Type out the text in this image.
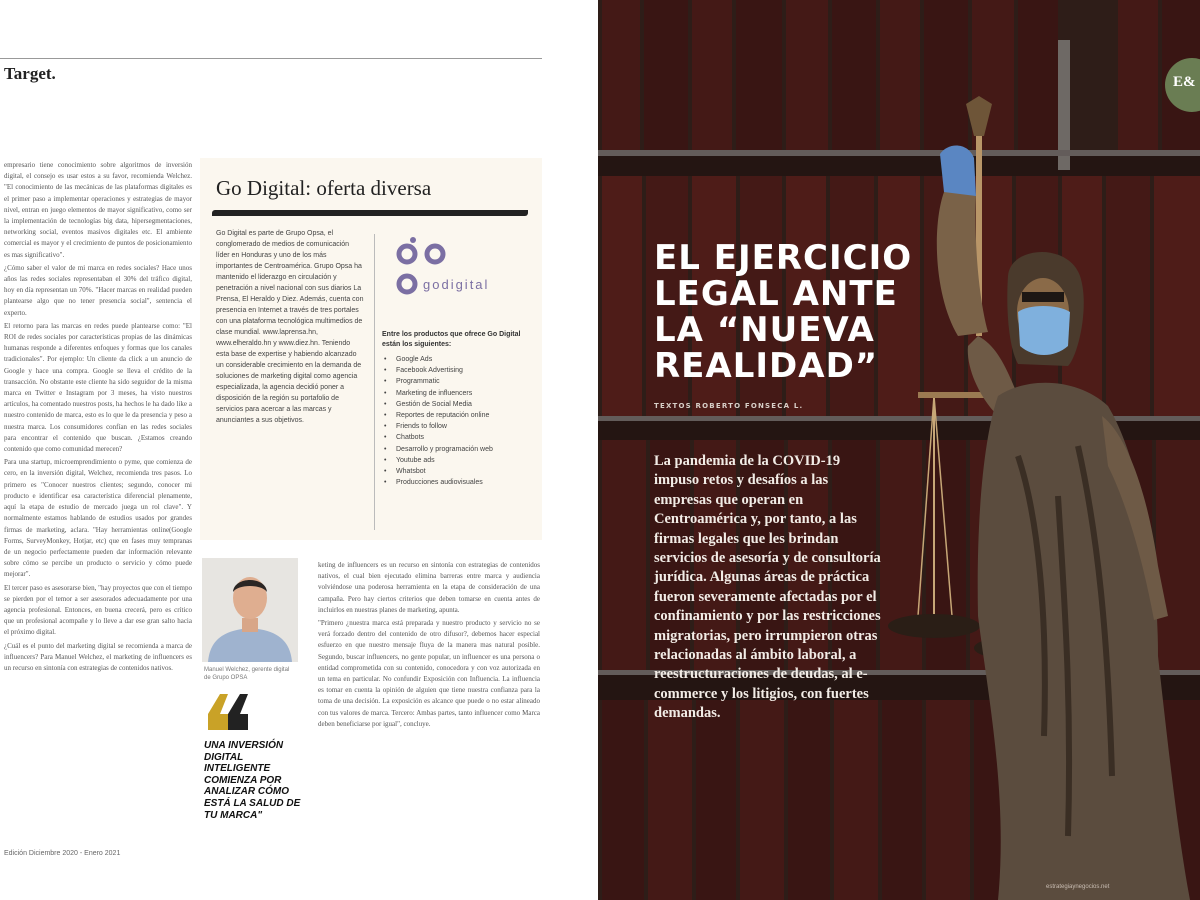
Target.

empresario tiene conocimiento sobre algoritmos de inversión digital, el consejo es usar estos a su favor, recomienda Welchez. "El conocimiento de las mecánicas de las plataformas digitales es el primer paso a implementar operaciones y estrategias de mayor nivel, entran en juego elementos de mayor significativo, como ser la implementación de tecnologías big data, hipersegmentaciones, networking social, eventos masivos digitales etc. El ambiente comercial es mayor y el crecimiento de puntos de posicionamiento es mas significativo".

¿Cómo saber el valor de mi marca en redes sociales? Hace unos años las redes sociales representaban el 30% del tráfico digital, hoy en día representan un 70%. "Hacer marcas en realidad pueden plantearse algo que no tener presencia social", sentencia el experto.

El retorno para las marcas en redes puede plantearse como: "El ROI de redes sociales por características propias de las dinámicas humanas responde a diferentes enfoques y formas que los canales tradicionales". Por ejemplo: Un cliente da click a un anuncio de Google y hace una compra. Google se lleva el crédito de la transacción. No obstante este cliente ha sido seguidor de la misma marca en Twitter e Instagram por 3 meses, ha visto nuestros artículos, ha comentado nuestros posts, ha hechos le ha dado like a nuestro contenido de marca, esto es lo que le da presencia y peso a nuestra marca. Los consumidores confían en las redes sociales para encontrar el contenido que buscan. ¿Estamos creando contenido que como comunidad merecen?

Para una startup, microemprendimiento o pyme, que comienza de cero, en la inversión digital, Welchez, recomienda tres pasos. Lo primero es "Conocer nuestros clientes; segundo, conocer mi producto e identificar esa característica diferencial plenamente, aquí la etapa de estudio de mercado juega un rol clave". Y normalmente estamos hablando de estudios usados por grandes firmas de marketing, aclara. "Hay herramientas online(Google Forms, SurveyMonkey, Hotjar, etc) que en fases muy tempranas de un negocio perfectamente pueden dar información relevante sobre cómo se percibe un producto o servicio y cómo puede mejorar".

El tercer paso es asesorarse bien, "hay proyectos que con el tiempo se pierden por el temor a ser asesorados adecuadamente por una agencia profesional. Entonces, en buena crecerá, pero es crítico que un profesional acompañe y lo lleve a dar ese gran salto hacia el próximo digital.

¿Cuál es el punto del marketing digital se recomienda a marca de influencers? Para Manuel Welchez, el marketing de influencers es un recurso en sintonía con estrategias de contenidos nativos.

Go Digital: oferta diversa
Go Digital es parte de Grupo Opsa, el conglomerado de medios de comunicación líder en Honduras y uno de los más importantes de Centroamérica. Grupo Opsa ha mantenido el liderazgo en circulación y penetración a nivel nacional con sus diarios La Prensa, El Heraldo y Diez. Además, cuenta con presencia en Internet a través de tres portales con una plataforma tecnológica multimedios de clase mundial. www.laprensa.hn, www.elheraldo.hn y www.diez.hn. Teniendo esta base de expertise y habiendo alcanzado un considerable crecimiento en la demanda de soluciones de marketing digital como agencia especializada, la agencia decidió poner a disposición de la región su portafolio de servicios para acercar a las marcas y anunciantes a sus objetivos.
godigital
Entre los productos que ofrece Go Digital están los siguientes:
• Google Ads
• Facebook Advertising
• Programmatic
• Marketing de influencers
• Gestión de Social Media
• Reportes de reputación online
• Friends to follow
• Chatbots
• Desarrollo y programación web
• Youtube ads
• Whatsbot
• Producciones audiovisuales
Manuel Welchez, gerente digital de Grupo OPSA
UNA INVERSIÓN DIGITAL INTELIGENTE COMIENZA POR ANALIZAR CÓMO ESTÁ LA SALUD DE TU MARCA"

keting de influencers es un recurso en sintonía con estrategias de contenidos nativos, el cual bien ejecutado elimina barreras entre marca y audiencia volviéndose una poderosa herramienta en la etapa de consideración de una campaña. Pero hay ciertos criterios que deben tomarse en cuenta antes de incluirlos en nuestras planes de marketing, apunta.

"Primero ¿nuestra marca está preparada y nuestro producto y servicio no se verá forzado dentro del contenido de otro difusor?, debemos hacer especial esfuerzo en que nuestro mensaje fluya de la manera mas natural posible. Segundo, buscar influencers, no gente popular, un influencer es una persona o entidad comprometida con su contenido, conocedora y con voz autorizada en un tema en particular. No confundir Exposición con Influencia. La influencia es tomar en cuenta la opinión de alguien que tiene nuestra confianza para la toma de una decisión. La exposición es alcance que puede o no estar alineado con tus valores de marca. Tercero: Ambas partes, tanto influencer como Marca deben beneficiarse por igual", concluye.

Edición Diciembre 2020 - Enero 2021
EL EJERCICIO
LEGAL ANTE
LA “NUEVA
REALIDAD”
TEXTOS ROBERTO FONSECA L.
La pandemia de la COVID-19 impuso retos y desafíos a las empresas que operan en Centroamérica y, por tanto, a las firmas legales que les brindan servicios de asesoría y de consultoría jurídica. Algunas áreas de práctica fueron severamente afectadas por el confinamiento y por las restricciones migratorias, pero irrumpieron otras relacionadas al ámbito laboral, a reestructuraciones de deudas, al e-commerce y los litigios, con fuertes demandas.
E&
estrategiaynegocios.net
